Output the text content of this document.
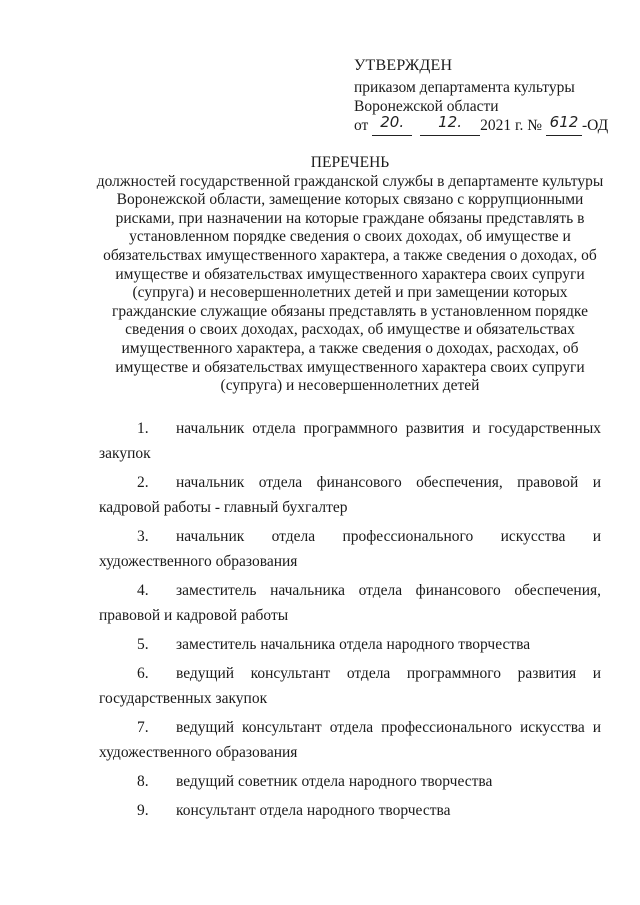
УТВЕРЖДЕН
приказом департамента культуры
Воронежской области
от 20. 12. 2021 г. № 612 -ОД
ПЕРЕЧЕНЬ
должностей государственной гражданской службы в департаменте культуры Воронежской области, замещение которых связано с коррупционными рисками, при назначении на которые граждане обязаны представлять в установленном порядке сведения о своих доходах, об имуществе и обязательствах имущественного характера, а также сведения о доходах, об имуществе и обязательствах имущественного характера своих супруги (супруга) и несовершеннолетних детей и при замещении которых гражданские служащие обязаны представлять в установленном порядке сведения о своих доходах, расходах, об имуществе и обязательствах имущественного характера, а также сведения о доходах, расходах, об имуществе и обязательствах имущественного характера своих супруги (супруга) и несовершеннолетних детей
1. начальник отдела программного развития и государственных закупок
2. начальник отдела финансового обеспечения, правовой и кадровой работы - главный бухгалтер
3. начальник отдела профессионального искусства и художественного образования
4. заместитель начальника отдела финансового обеспечения, правовой и кадровой работы
5. заместитель начальника отдела народного творчества
6. ведущий консультант отдела программного развития и государственных закупок
7. ведущий консультант отдела профессионального искусства и художественного образования
8. ведущий советник отдела народного творчества
9. консультант отдела народного творчества
